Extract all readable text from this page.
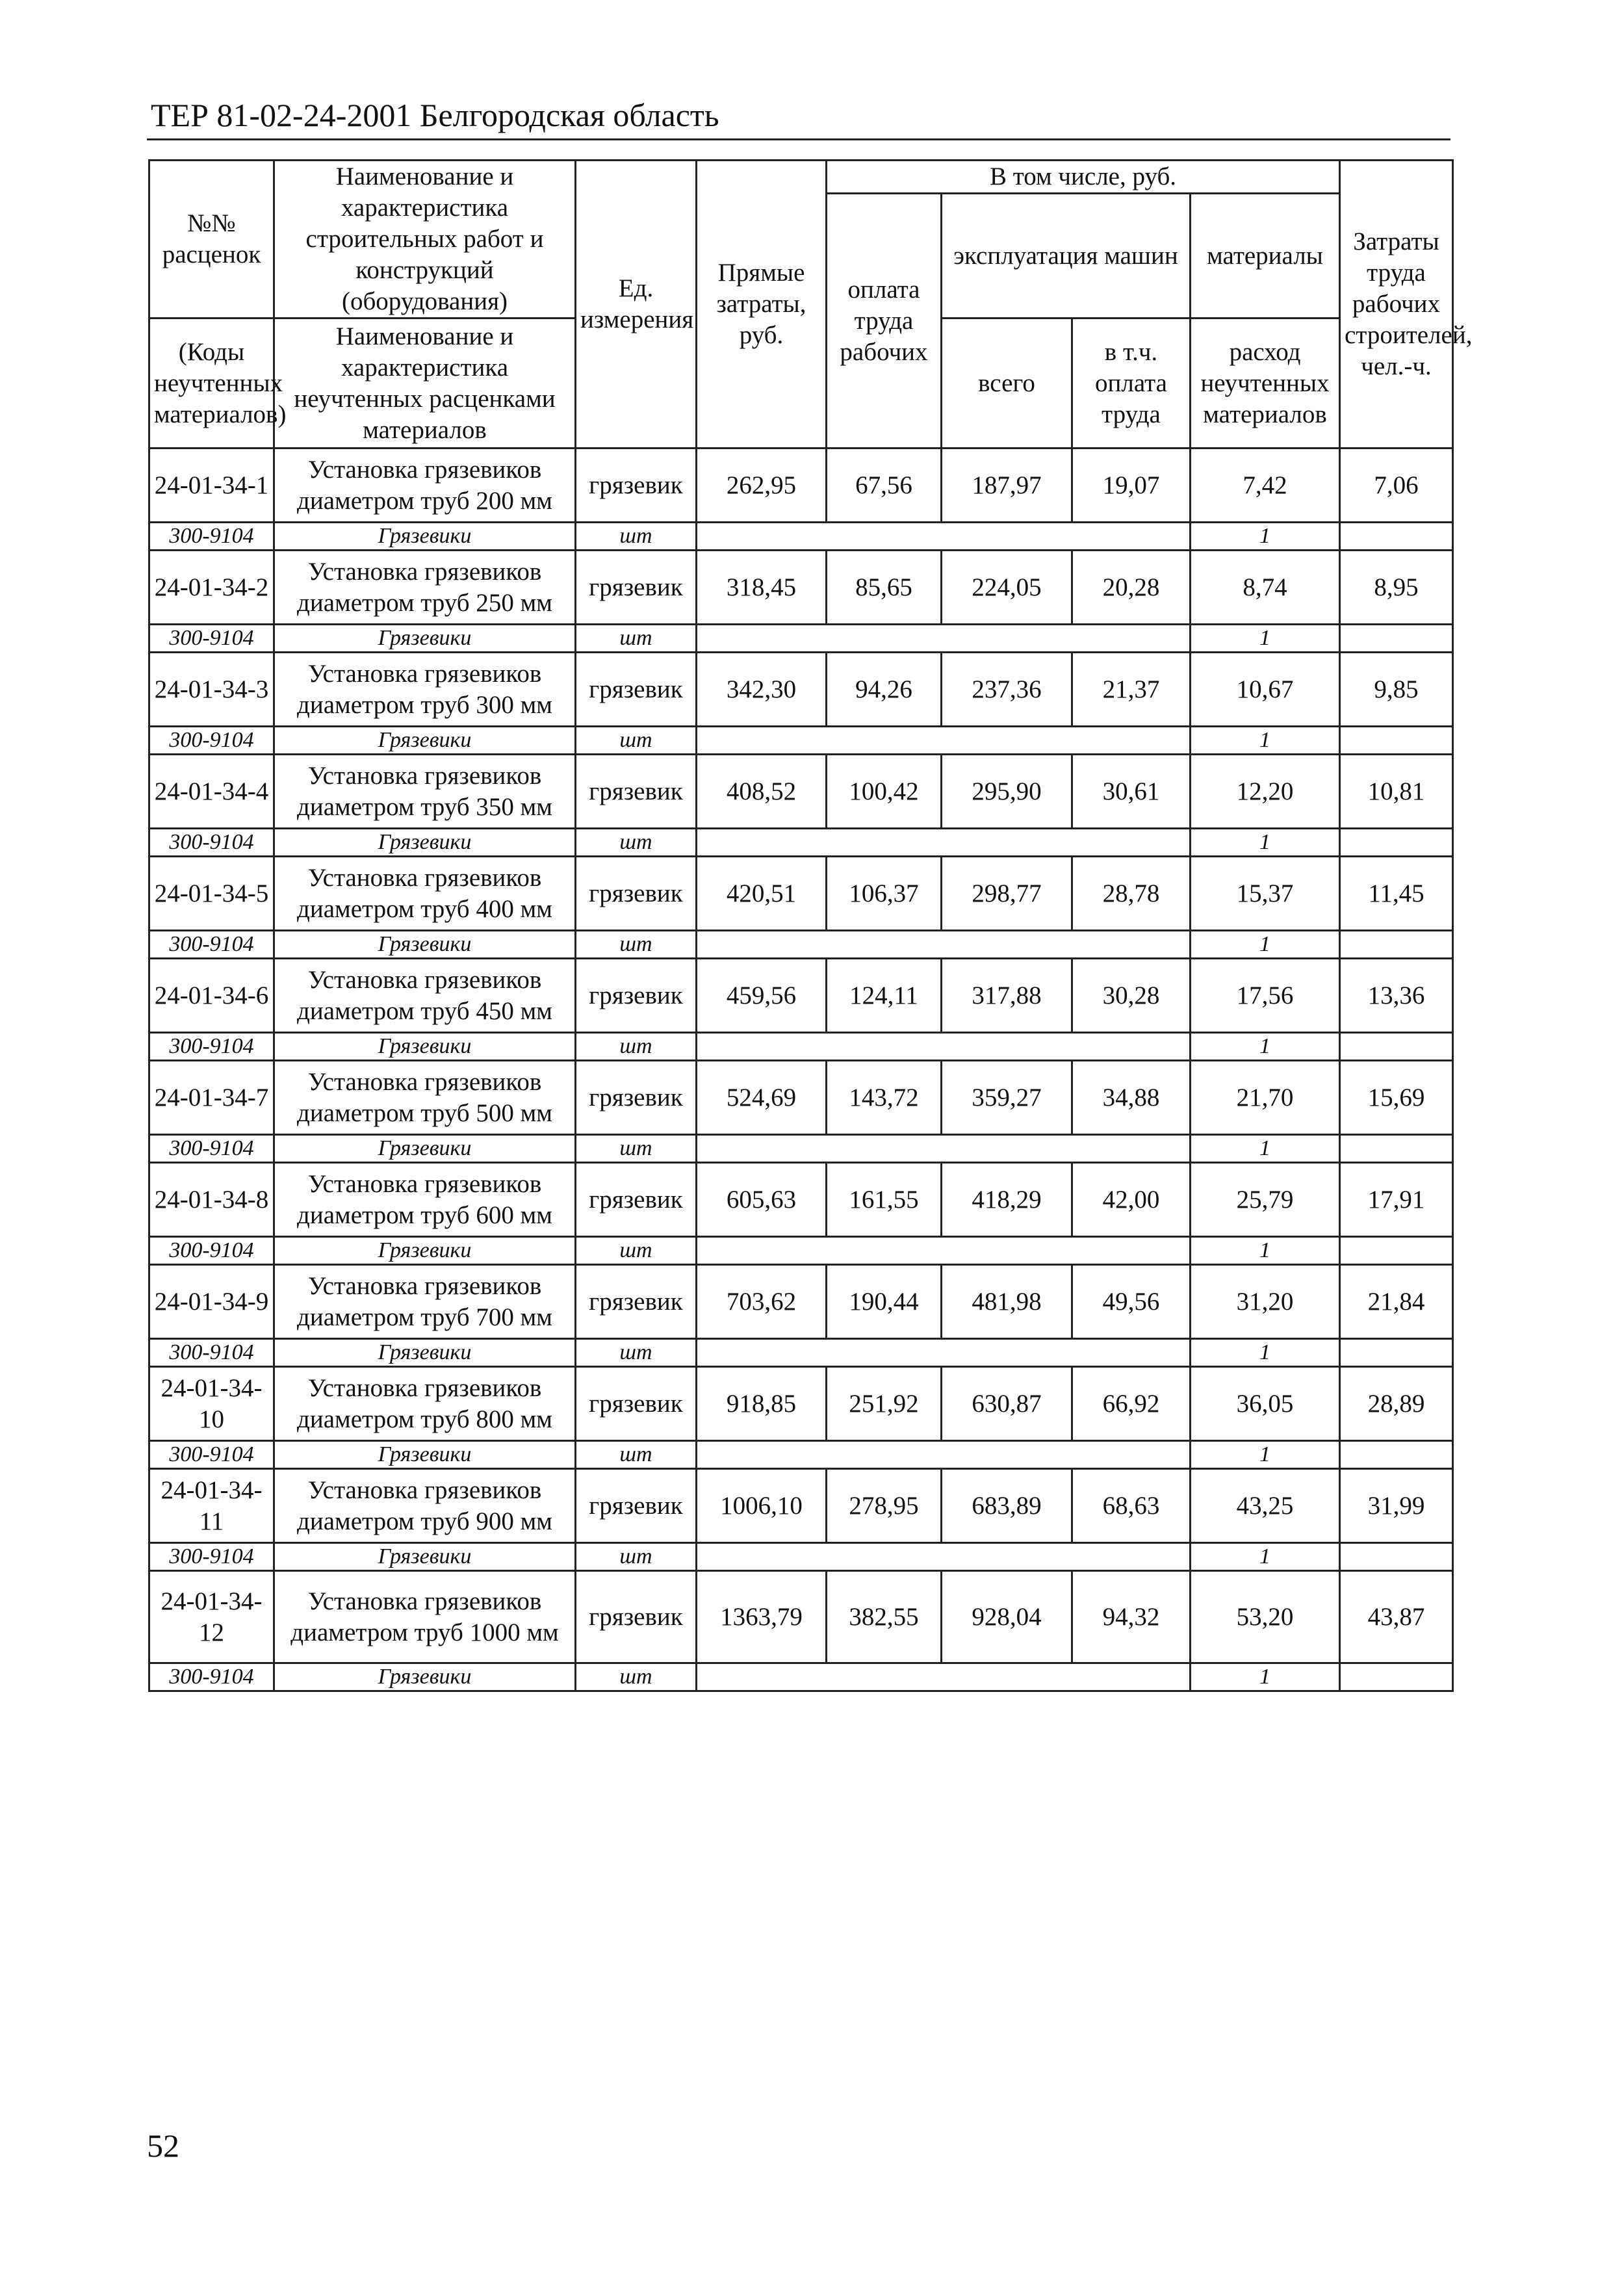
ТЕР 81-02-24-2001 Белгородская область
№№ расценок	Наименование и характеристика строительных работ и конструкций (оборудования)	Ед. измерения	Прямые затраты, руб.	В том числе, руб.				Затраты труда рабочих строителей, чел.-ч.
				оплата труда рабочих	эксплуатация машин		материалы	

(Коды неучтенных материалов)	Наименование и характеристика неучтенных расценками материалов				всего	в т.ч. оплата труда	расход неучтенных материалов	

24-01-34-1	Установка грязевиков диаметром труб 200 мм	грязевик	262,95	67,56	187,97	19,07	7,42	7,06
300-9104	Грязевики	шт					1	
24-01-34-2	Установка грязевиков диаметром труб 250 мм	грязевик	318,45	85,65	224,05	20,28	8,74	8,95
300-9104	Грязевики	шт					1	
24-01-34-3	Установка грязевиков диаметром труб 300 мм	грязевик	342,30	94,26	237,36	21,37	10,67	9,85
300-9104	Грязевики	шт					1	
24-01-34-4	Установка грязевиков диаметром труб 350 мм	грязевик	408,52	100,42	295,90	30,61	12,20	10,81
300-9104	Грязевики	шт					1	
24-01-34-5	Установка грязевиков диаметром труб 400 мм	грязевик	420,51	106,37	298,77	28,78	15,37	11,45
300-9104	Грязевики	шт					1	
24-01-34-6	Установка грязевиков диаметром труб 450 мм	грязевик	459,56	124,11	317,88	30,28	17,56	13,36
300-9104	Грязевики	шт					1	
24-01-34-7	Установка грязевиков диаметром труб 500 мм	грязевик	524,69	143,72	359,27	34,88	21,70	15,69
300-9104	Грязевики	шт					1	
24-01-34-8	Установка грязевиков диаметром труб 600 мм	грязевик	605,63	161,55	418,29	42,00	25,79	17,91
300-9104	Грязевики	шт					1	
24-01-34-9	Установка грязевиков диаметром труб 700 мм	грязевик	703,62	190,44	481,98	49,56	31,20	21,84
300-9104	Грязевики	шт					1	
24-01-34-10	Установка грязевиков диаметром труб 800 мм	грязевик	918,85	251,92	630,87	66,92	36,05	28,89
300-9104	Грязевики	шт					1	
24-01-34-11	Установка грязевиков диаметром труб 900 мм	грязевик	1006,10	278,95	683,89	68,63	43,25	31,99
300-9104	Грязевики	шт					1	
24-01-34-12	Установка грязевиков диаметром труб 1000 мм	грязевик	1363,79	382,55	928,04	94,32	53,20	43,87
300-9104	Грязевики	шт					1	
52
